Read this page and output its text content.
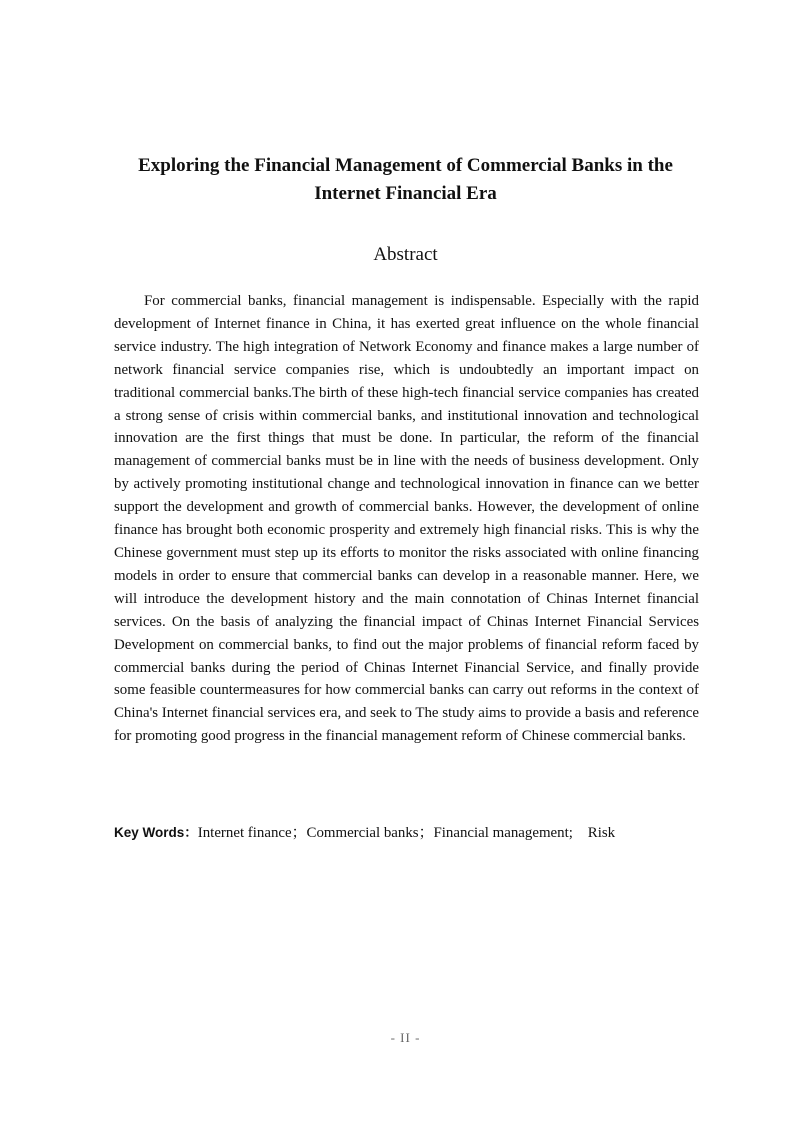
Exploring the Financial Management of Commercial Banks in the
Internet Financial Era
Abstract

For commercial banks, financial management is indispensable. Especially with the rapid development of Internet finance in China, it has exerted great influence on the whole financial service industry. The high integration of Network Economy and finance makes a large number of network financial service companies rise, which is undoubtedly an important impact on traditional commercial banks.The birth of these high-tech financial service companies has created a strong sense of crisis within commercial banks, and institutional innovation and technological innovation are the first things that must be done. In particular, the reform of the financial management of commercial banks must be in line with the needs of business development. Only by actively promoting institutional change and technological innovation in finance can we better support the development and growth of commercial banks. However, the development of online finance has brought both economic prosperity and extremely high financial risks. This is why the Chinese government must step up its efforts to monitor the risks associated with online financing models in order to ensure that commercial banks can develop in a reasonable manner. Here, we will introduce the development history and the main connotation of Chinas Internet financial services. On the basis of analyzing the financial impact of Chinas Internet Financial Services Development on commercial banks, to find out the major problems of financial reform faced by commercial banks during the period of Chinas Internet Financial Service, and finally provide some feasible countermeasures for how commercial banks can carry out reforms in the context of China's Internet financial services era, and seek to The study aims to provide a basis and reference for promoting good progress in the financial management reform of Chinese commercial banks.

Key Words：Internet finance；Commercial banks；Financial management; Risk

- II -
